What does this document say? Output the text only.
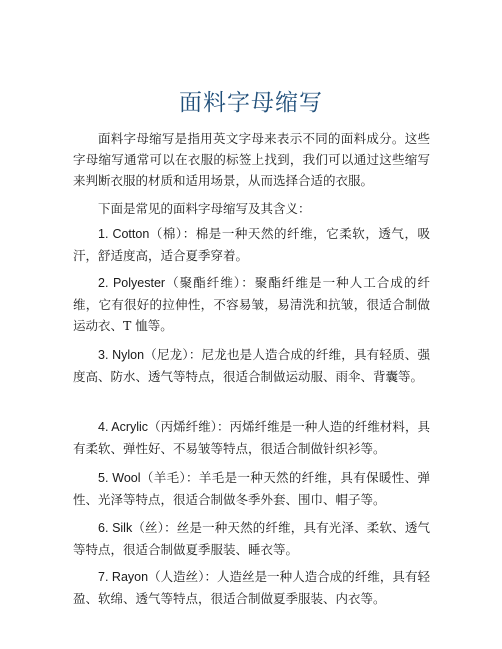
面料字母缩写

面料字母缩写是指用英文字母来表示不同的面料成分。这些字母缩写通常可以在衣服的标签上找到，我们可以通过这些缩写来判断衣服的材质和适用场景，从而选择合适的衣服。

下面是常见的面料字母缩写及其含义：

1. Cotton（棉）：棉是一种天然的纤维，它柔软，透气，吸汗，舒适度高，适合夏季穿着。

2. Polyester（聚酯纤维）：聚酯纤维是一种人工合成的纤维，它有很好的拉伸性，不容易皱，易清洗和抗皱，很适合制做运动衣、T 恤等。

3. Nylon（尼龙）：尼龙也是人造合成的纤维，具有轻质、强度高、防水、透气等特点，很适合制做运动服、雨伞、背囊等。

4. Acrylic（丙烯纤维）：丙烯纤维是一种人造的纤维材料，具有柔软、弹性好、不易皱等特点，很适合制做针织衫等。

5. Wool（羊毛）：羊毛是一种天然的纤维，具有保暖性、弹性、光泽等特点，很适合制做冬季外套、围巾、帽子等。

6. Silk（丝）：丝是一种天然的纤维，具有光泽、柔软、透气等特点，很适合制做夏季服装、睡衣等。

7. Rayon（人造丝）：人造丝是一种人造合成的纤维，具有轻盈、软绵、透气等特点，很适合制做夏季服装、内衣等。
